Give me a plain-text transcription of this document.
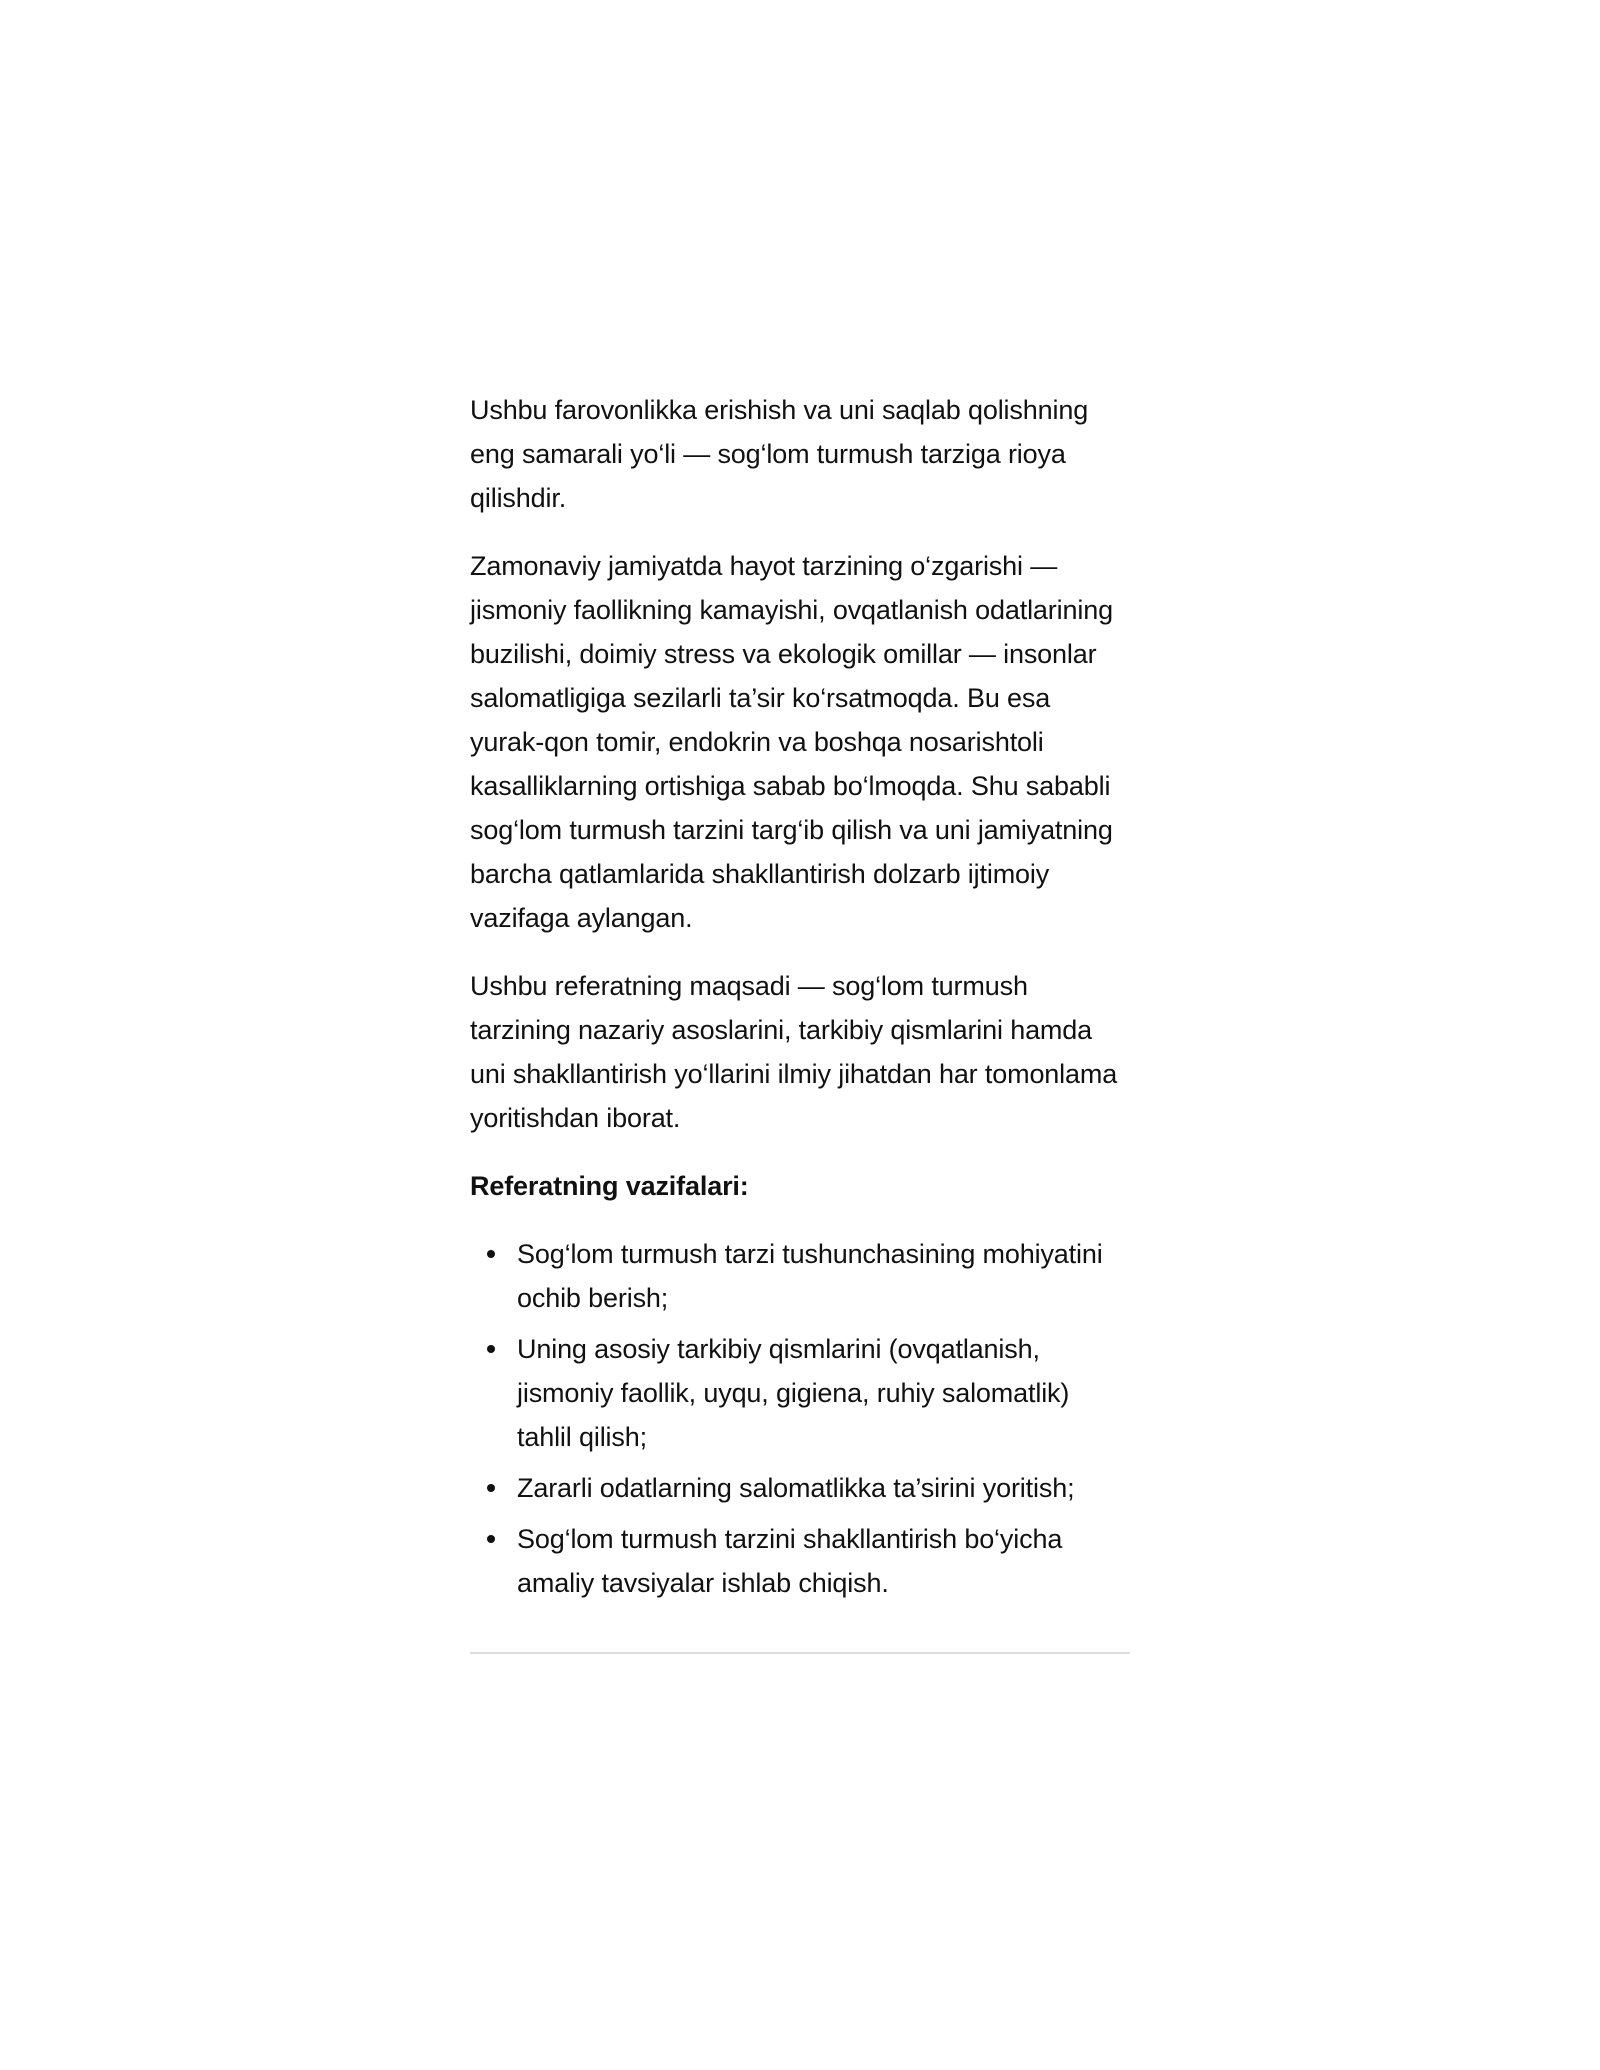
Ushbu farovonlikka erishish va uni saqlab qolishning eng samarali yo‘li — sog‘lom turmush tarziga rioya qilishdir.

Zamonaviy jamiyatda hayot tarzining o‘zgarishi — jismoniy faollikning kamayishi, ovqatlanish odatlarining buzilishi, doimiy stress va ekologik omillar — insonlar salomatligiga sezilarli ta’sir ko‘rsatmoqda. Bu esa yurak-qon tomir, endokrin va boshqa nosarishtoli kasalliklarning ortishiga sabab bo‘lmoqda. Shu sababli sog‘lom turmush tarzini targ‘ib qilish va uni jamiyatning barcha qatlamlarida shakllantirish dolzarb ijtimoiy vazifaga aylangan.

Ushbu referatning maqsadi — sog‘lom turmush tarzining nazariy asoslarini, tarkibiy qismlarini hamda uni shakllantirish yo‘llarini ilmiy jihatdan har tomonlama yoritishdan iborat.

Referatning vazifalari:

Sog‘lom turmush tarzi tushunchasining mohiyatini ochib berish;
Uning asosiy tarkibiy qismlarini (ovqatlanish, jismoniy faollik, uyqu, gigiena, ruhiy salomatlik) tahlil qilish;
Zararli odatlarning salomatlikka ta’sirini yoritish;
Sog‘lom turmush tarzini shakllantirish bo‘yicha amaliy tavsiyalar ishlab chiqish.
